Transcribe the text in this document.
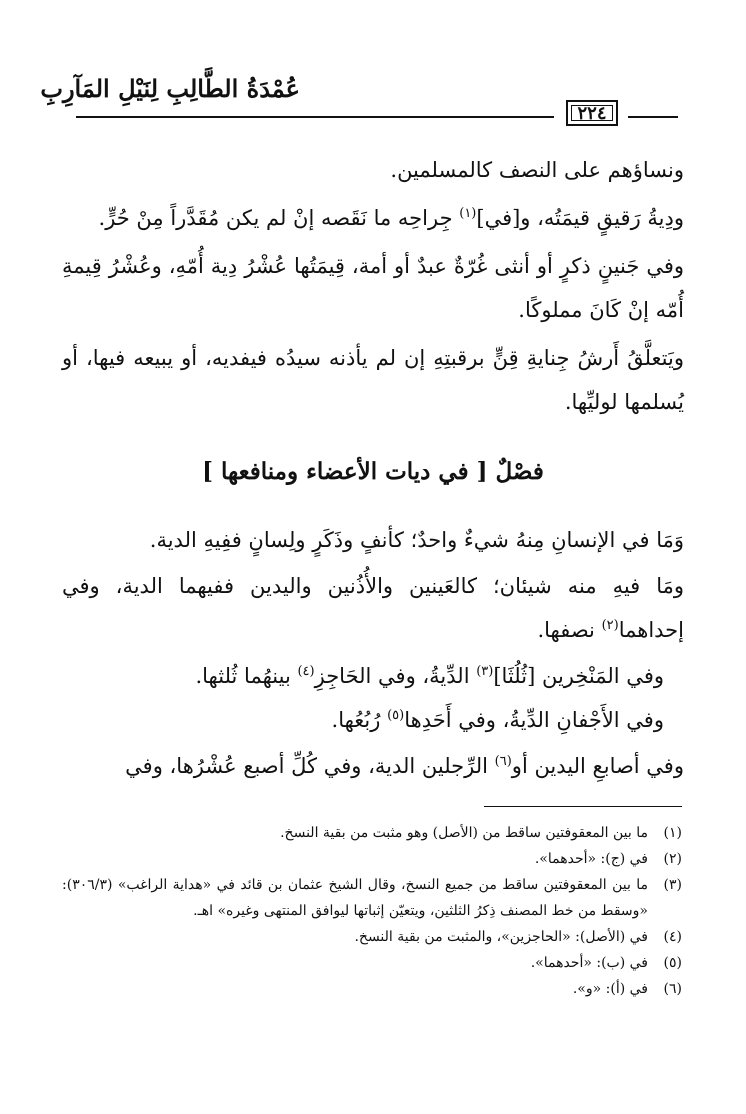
عُمْدَةُ الطَّالِبِ لِنَيْلِ المَآرِبِ
٢٢٤

ونساؤهم على النصف كالمسلمين.

ودِيةُ رَقيقٍ قيمَتُه، و[في]$^{(١)}$ جِراحِه ما نَقَصه إنْ لم يكن مُقَدَّراً مِنْ حُرٍّ.

وفي جَنينٍ ذكرٍ أو أنثى غُرّةٌ عبدٌ أو أمة، قِيمَتُها عُشْرُ دِية أُمّهِ، وعُشْرُ قِيمةِ أُمّه إنْ كَانَ مملوكًا.

ويَتعلَّقُ أَرشُ جِنايةِ قِنٍّ برقبتِهِ إن لم يأذنه سيدُه فيفديه، أو يبيعه فيها، أو يُسلمها لوليِّها.

فصْلٌ [ في ديات الأعضاء ومنافعها ]

وَمَا في الإنسانِ مِنهُ شيءٌ واحدٌ؛ كأنفٍ وذَكَرٍ ولِسانٍ ففِيهِ الدية.

ومَا فيهِ منه شيئان؛ كالعَينين والأُذُنين واليدين ففيهما الدية، وفي إحداهما$^{(٢)}$ نصفها.

وفي المَنْخِرين [ثُلُثَا]$^{(٣)}$ الدِّيةُ، وفي الحَاجِزِ$^{(٤)}$ بينهُما ثُلثها.

وفي الأَجْفانِ الدِّيةُ، وفي أَحَدِها$^{(٥)}$ رُبُعُها.

وفي أصابعِ اليدين أو$^{(٦)}$ الرِّجلين الدية، وفي كُلِّ أصبع عُشْرُها، وفي

(١)
ما بين المعقوفتين ساقط من (الأصل) وهو مثبت من بقية النسخ.
(٢)
في (ج): «أحدهما».
(٣)
ما بين المعقوفتين ساقط من جميع النسخ، وقال الشيخ عثمان بن قائد في «هداية الراغب» (٣٠٦/٣): «وسقط من خط المصنف ذِكرُ الثلثين، ويتعيّن إثباتها ليوافق المنتهى وغيره» اهـ.
(٤)
في (الأصل): «الحاجزين»، والمثبت من بقية النسخ.
(٥)
في (ب): «أحدهما».
(٦)
في (أ): «و».
